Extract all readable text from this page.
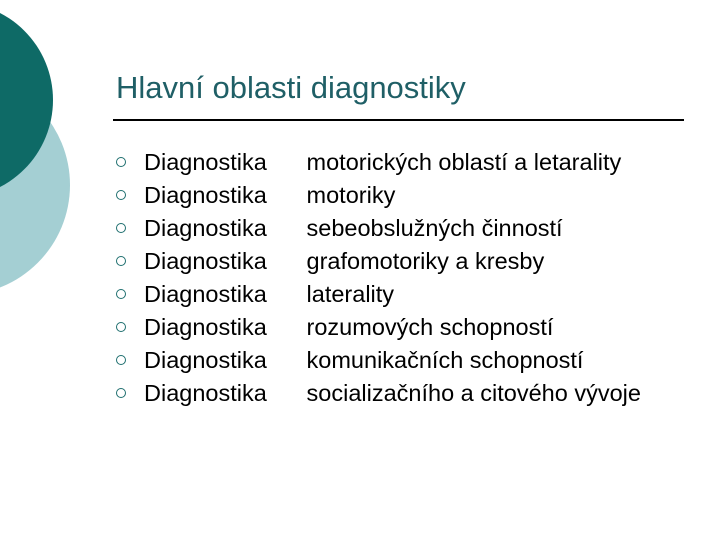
Hlavní oblasti diagnostiky
Diagnostika motorických oblastí a letarality
Diagnostika motoriky
Diagnostika sebeobslužných činností
Diagnostika grafomotoriky a kresby
Diagnostika laterality
Diagnostika rozumových schopností
Diagnostika komunikačních schopností
Diagnostika socializačního a citového vývoje
